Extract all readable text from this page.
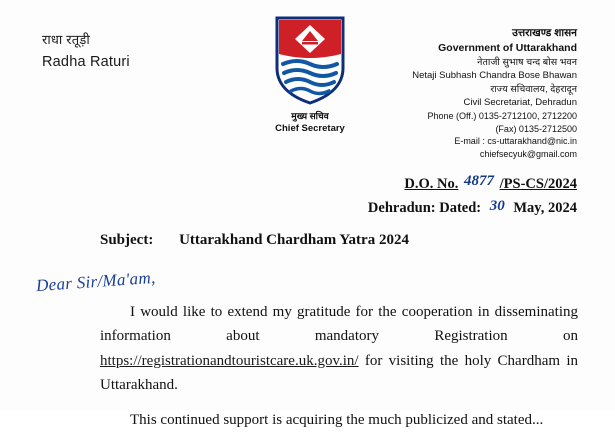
राधा रतूड़ी
Radha Raturi
मुख्य सचिव
Chief Secretary
उत्तराखण्ड शासन
Government of Uttarakhand
नेताजी सुभाष चन्द बोस भवन
Netaji Subhash Chandra Bose Bhawan
राज्य सचिवालय, देहरादून
Civil Secretariat, Dehradun
Phone (Off.) 0135-2712100, 2712200
(Fax) 0135-2712500
E-mail : cs-uttarakhand@nic.in
chiefsecyuk@gmail.com
D.O. No. 4877 /PS-CS/2024
Dehradun: Dated: 30 May, 2024
Subject: Uttarakhand Chardham Yatra 2024
Dear Sir/Ma'am,

I would like to extend my gratitude for the cooperation in disseminating information about mandatory Registration on https://registrationandtouristcare.uk.gov.in/ for visiting the holy Chardham in Uttarakhand.

This continued support is acquiring the much publicized and stated...
